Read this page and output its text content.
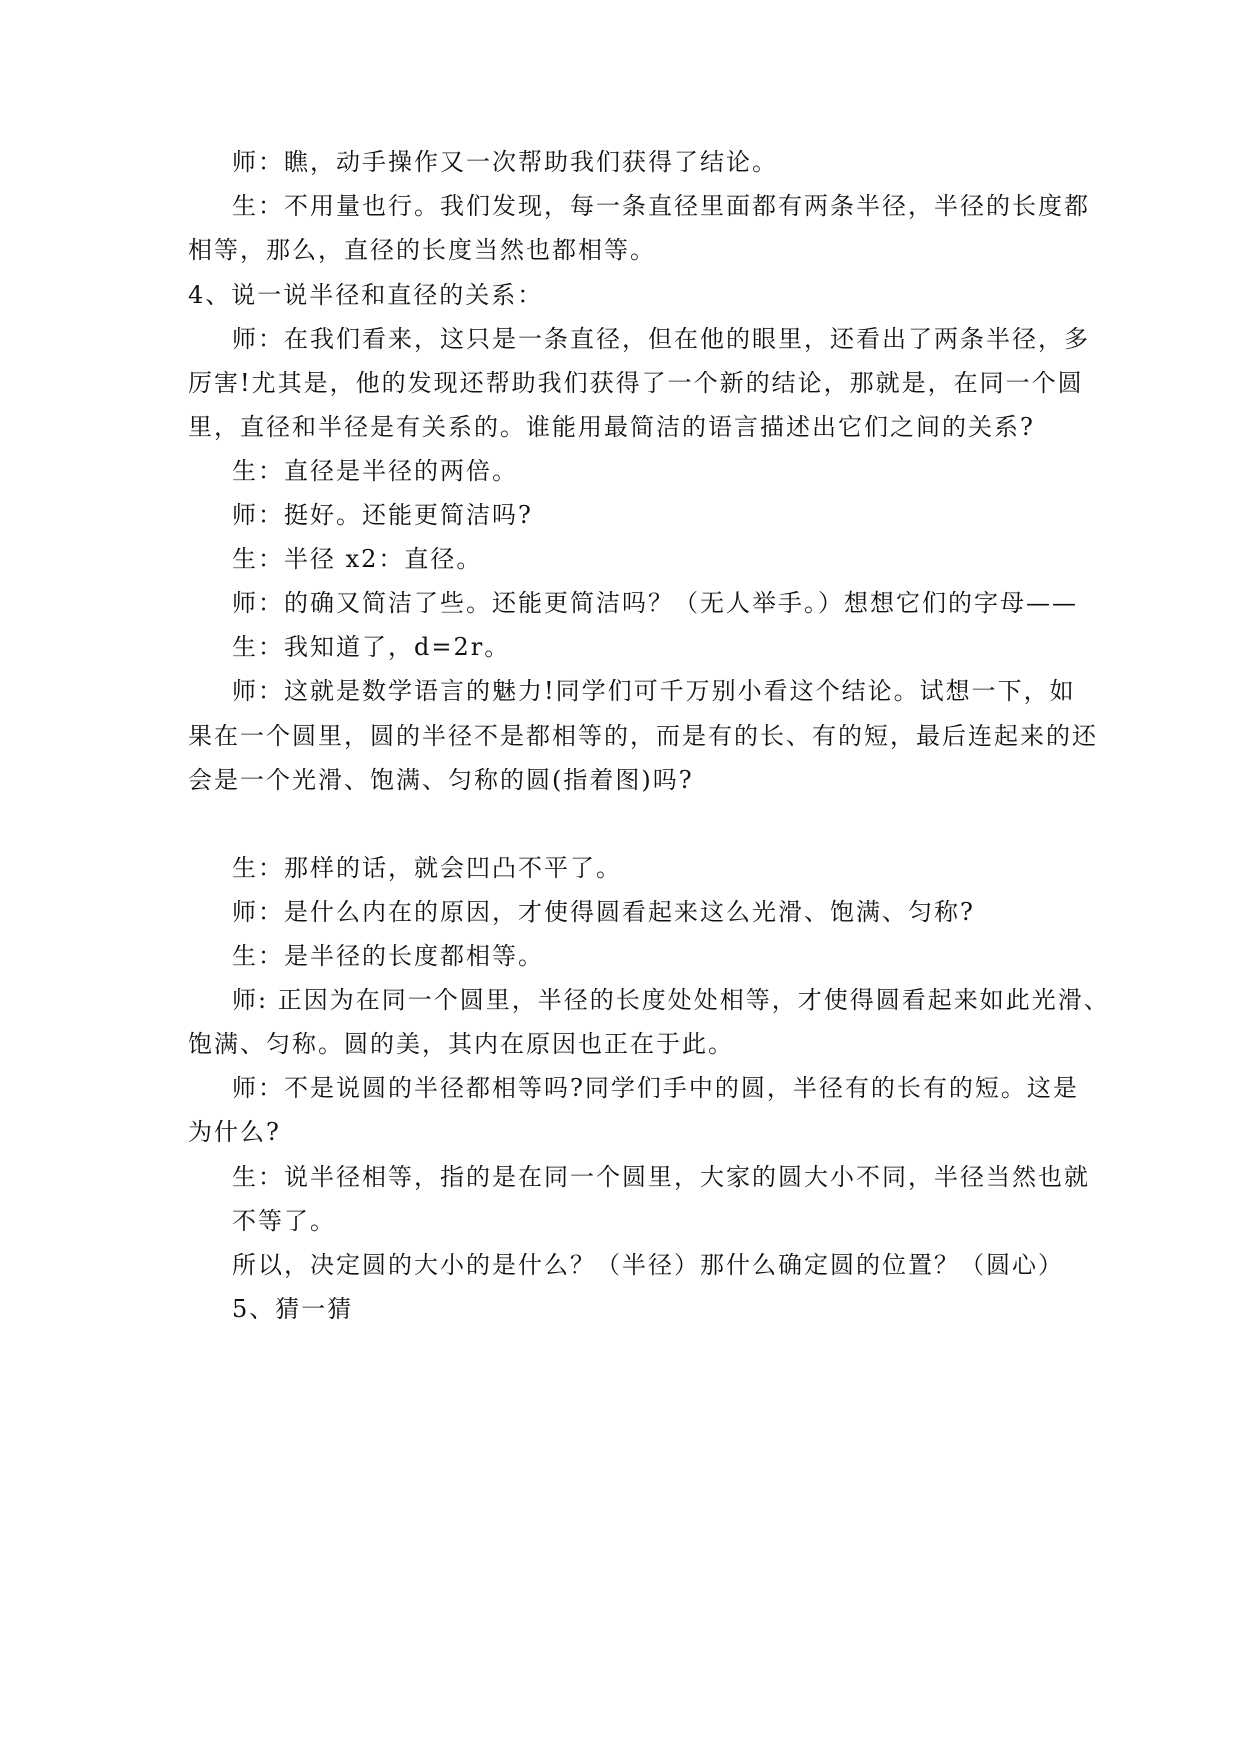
师：瞧，动手操作又一次帮助我们获得了结论。
生：不用量也行。我们发现，每一条直径里面都有两条半径，半径的长度都
相等，那么，直径的长度当然也都相等。
4、说一说半径和直径的关系：
师：在我们看来，这只是一条直径，但在他的眼里，还看出了两条半径，多
厉害!尤其是，他的发现还帮助我们获得了一个新的结论，那就是，在同一个圆
里，直径和半径是有关系的。谁能用最简洁的语言描述出它们之间的关系?
生：直径是半径的两倍。
师：挺好。还能更简洁吗?
生：半径 x2：直径。
师：的确又简洁了些。还能更简洁吗？（无人举手。）想想它们的字母——
生：我知道了，d=2r。
师：这就是数学语言的魅力!同学们可千万别小看这个结论。试想一下，如
果在一个圆里，圆的半径不是都相等的，而是有的长、有的短，最后连起来的还
会是一个光滑、饱满、匀称的圆(指着图)吗?
生：那样的话，就会凹凸不平了。
师：是什么内在的原因，才使得圆看起来这么光滑、饱满、匀称?
生：是半径的长度都相等。
师: 正因为在同一个圆里，半径的长度处处相等，才使得圆看起来如此光滑、
饱满、匀称。圆的美，其内在原因也正在于此。
师：不是说圆的半径都相等吗?同学们手中的圆，半径有的长有的短。这是
为什么?
生：说半径相等，指的是在同一个圆里，大家的圆大小不同，半径当然也就
不等了。
所以，决定圆的大小的是什么？（半径）那什么确定圆的位置？（圆心）
5、猜一猜
